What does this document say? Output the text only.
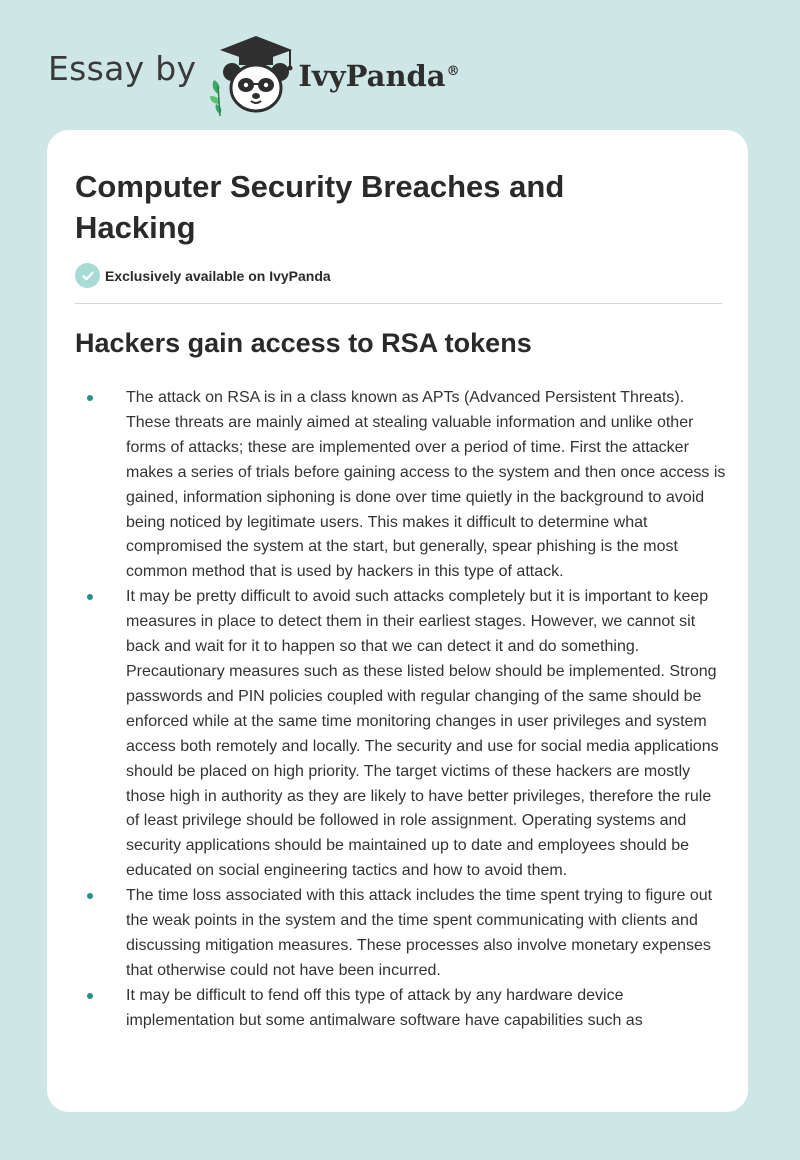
Essay by	IvyPanda®
Computer Security Breaches and Hacking
Exclusively available on IvyPanda
Hackers gain access to RSA tokens
The attack on RSA is in a class known as APTs (Advanced Persistent Threats). These threats are mainly aimed at stealing valuable information and unlike other forms of attacks; these are implemented over a period of time. First the attacker makes a series of trials before gaining access to the system and then once access is gained, information siphoning is done over time quietly in the background to avoid being noticed by legitimate users. This makes it difficult to determine what compromised the system at the start, but generally, spear phishing is the most common method that is used by hackers in this type of attack.
It may be pretty difficult to avoid such attacks completely but it is important to keep measures in place to detect them in their earliest stages. However, we cannot sit back and wait for it to happen so that we can detect it and do something. Precautionary measures such as these listed below should be implemented. Strong passwords and PIN policies coupled with regular changing of the same should be enforced while at the same time monitoring changes in user privileges and system access both remotely and locally. The security and use for social media applications should be placed on high priority. The target victims of these hackers are mostly those high in authority as they are likely to have better privileges, therefore the rule of least privilege should be followed in role assignment. Operating systems and security applications should be maintained up to date and employees should be educated on social engineering tactics and how to avoid them.
The time loss associated with this attack includes the time spent trying to figure out the weak points in the system and the time spent communicating with clients and discussing mitigation measures. These processes also involve monetary expenses that otherwise could not have been incurred.
It may be difficult to fend off this type of attack by any hardware device implementation but some antimalware software have capabilities such as
